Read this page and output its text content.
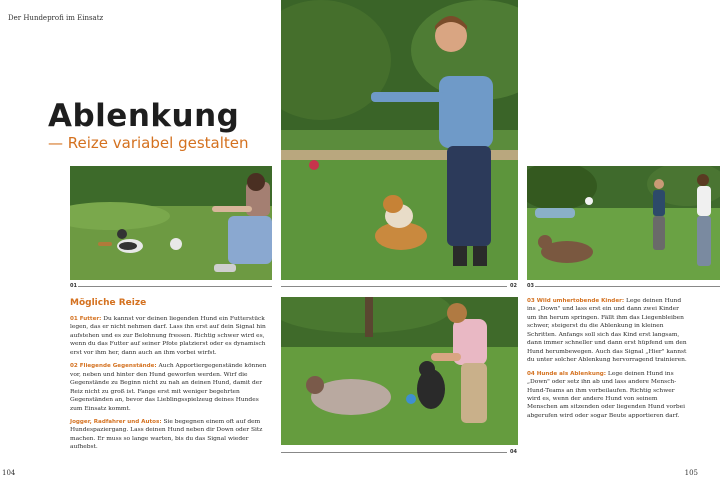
Der Hundeprofi im Einsatz
Ablenkung
— Reize variabel gestalten
01	02 03
04
Mögliche Reize

01 Futter: Du kannst vor deinen liegenden Hund ein Futterstück legen, das er nicht nehmen darf. Lass ihn erst auf dein Signal hin aufstehen und es zur Belohnung fressen. Richtig schwer wird es, wenn du das Futter auf seiner Pfote platzierst oder es dynamisch erst vor ihm her, dann auch an ihm vorbei wirfst.

02 Fliegende Gegenstände: Auch Apportiergegenstände können vor, neben und hinter den Hund geworfen werden. Wirf die Gegenstände zu Beginn nicht zu nah an deinen Hund, damit der Reiz nicht zu groß ist. Fange erst mit weniger begehrten Gegenständen an, bevor das Lieblingsspielzeug deines Hundes zum Einsatz kommt.

Jogger, Radfahrer und Autos: Sie begegnen einem oft auf dem Hundespaziergang. Lass deinen Hund neben dir Down oder Sitz machen. Er muss so lange warten, bis du das Signal wieder aufhebst.

03 Wild umhertobende Kinder: Lege deinen Hund ins „Down" und lass erst ein und dann zwei Kinder um ihn herum springen. Fällt ihm das Liegenbleiben schwer, steigerst du die Ablenkung in kleinen Schritten. Anfangs soll sich das Kind erst langsam, dann immer schneller und dann erst hüpfend um den Hund herumbewegen. Auch das Signal „Hier" kannst du unter solcher Ablenkung hervorragend trainieren.

04 Hunde als Ablenkung: Lege deinen Hund ins „Down" oder setz ihn ab und lass andere Mensch-Hund-Teams an ihm vorbeilaufen. Richtig schwer wird es, wenn der andere Hund von seinem Menschen am sitzenden oder liegenden Hund vorbei abgerufen wird oder sogar Beute apportieren darf.

104	105
